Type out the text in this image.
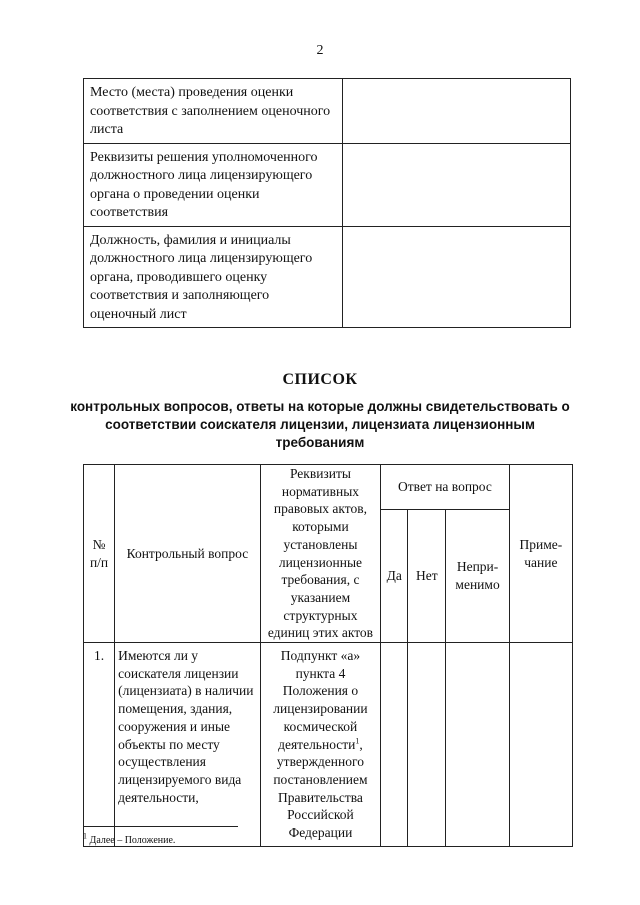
2
Место (места) проведения оценки соответствия с заполнением оценочного листа	
Реквизиты решения уполномоченного должностного лица лицензирующего органа о проведении оценки соответствия	
Должность, фамилия и инициалы должностного лица лицензирующего органа, проводившего оценку соответствия и заполняющего оценочный лист	
СПИСОК
контрольных вопросов, ответы на которые должны свидетельствовать о соответствии соискателя лицензии, лицензиата лицензионным требованиям
№ п/п	Контрольный вопрос	Реквизиты нормативных правовых актов, которыми установлены лицензионные требования, с указанием структурных единиц этих актов	Ответ на вопрос			Приме-чание
			Да	Нет	Непри-менимо	
1.	Имеются ли у соискателя лицензии (лицензиата) в наличии помещения, здания, сооружения и иные объекты по месту осуществления лицензируемого вида деятельности,	Подпункт «а» пункта 4 Положения о лицензировании космической деятельности$^1$, утвержденного постановлением Правительства Российской Федерации				
$^1$ Далее – Положение.
